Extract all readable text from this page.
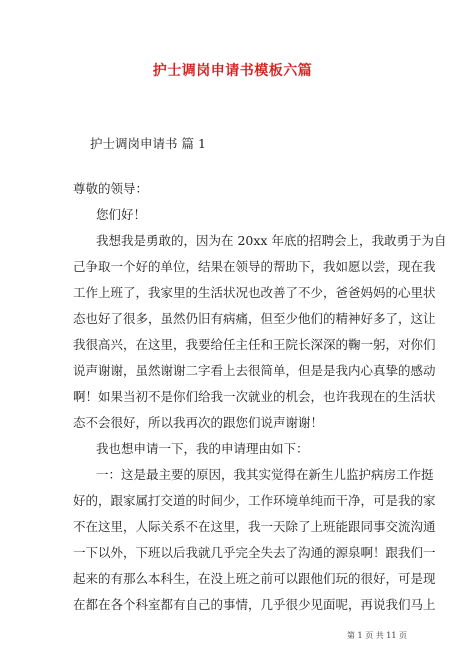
护士调岗申请书模板六篇
护士调岗申请书 篇 1
尊敬的领导：
您们好！
我想我是勇敢的，因为在 20xx 年底的招聘会上，我敢勇于为自
己争取一个好的单位，结果在领导的帮助下，我如愿以尝，现在我
工作上班了，我家里的生活状况也改善了不少，爸爸妈妈的心里状
态也好了很多，虽然仍旧有病痛，但至少他们的精神好多了，这让
我很高兴，在这里，我要给任主任和王院长深深的鞠一躬，对你们
说声谢谢，虽然谢谢二字看上去很简单，但是是我内心真挚的感动
啊！如果当初不是你们给我一次就业的机会，也许我现在的生活状
态不会很好，所以我再次的跟您们说声谢谢！
我也想申请一下，我的申请理由如下：
一：这是最主要的原因，我其实觉得在新生儿监护病房工作挺
好的，跟家属打交道的时间少，工作环境单纯而干净，可是我的家
不在这里，人际关系不在这里，我一天除了上班能跟同事交流沟通
一下以外，下班以后我就几乎完全失去了沟通的源泉啊！跟我们一
起来的有那么本科生，在没上班之前可以跟他们玩的很好，可是现
在都在各个科室都有自己的事情，几乎很少见面呢，再说我们马上
第 1 页 共 11 页
